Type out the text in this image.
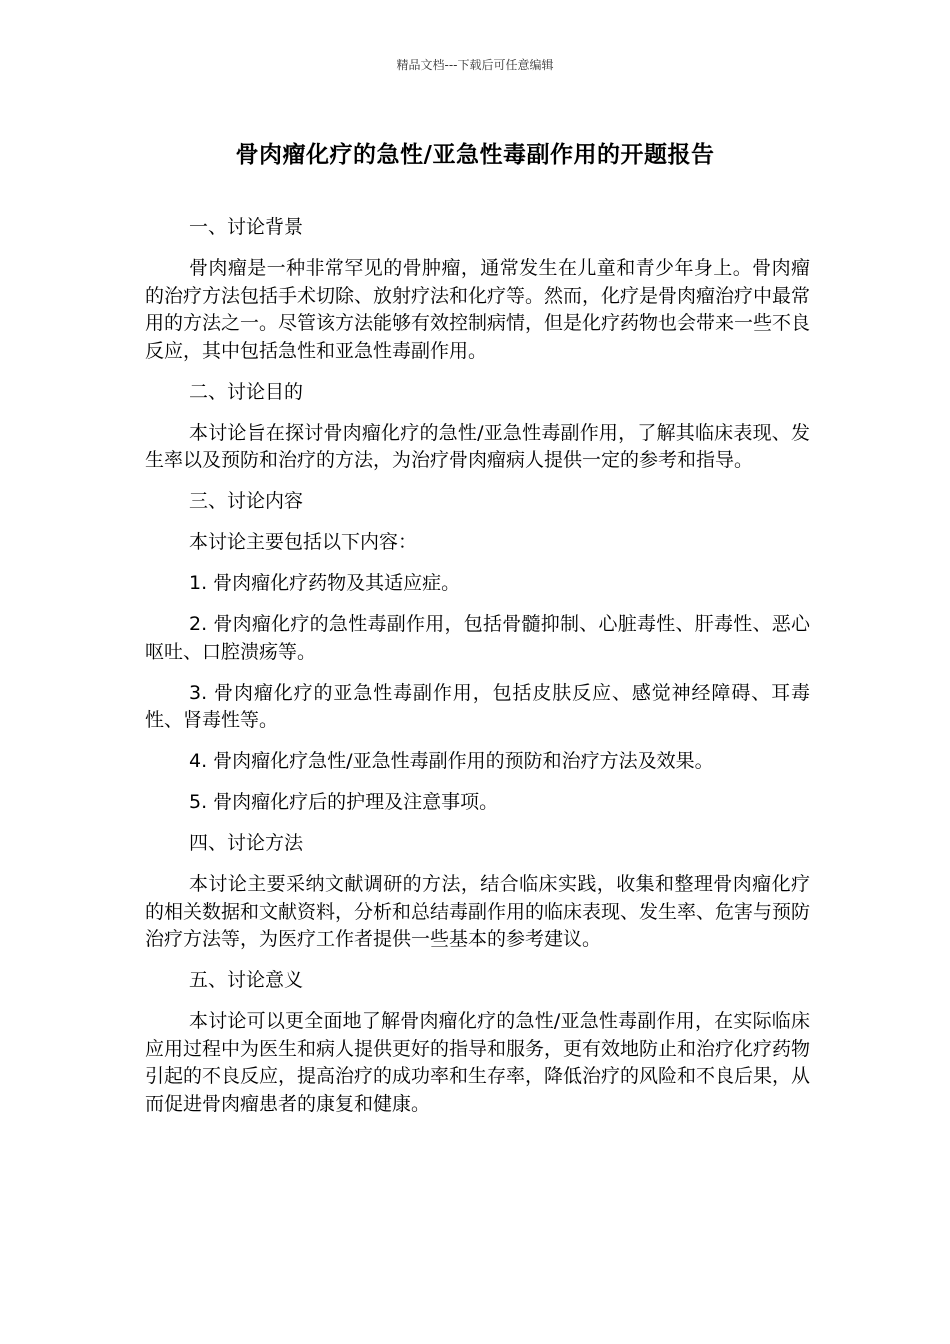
精品文档---下载后可任意编辑
骨肉瘤化疗的急性/亚急性毒副作用的开题报告

一、讨论背景

骨肉瘤是一种非常罕见的骨肿瘤，通常发生在儿童和青少年身上。骨肉瘤的治疗方法包括手术切除、放射疗法和化疗等。然而，化疗是骨肉瘤治疗中最常用的方法之一。尽管该方法能够有效控制病情，但是化疗药物也会带来一些不良反应，其中包括急性和亚急性毒副作用。

二、讨论目的

本讨论旨在探讨骨肉瘤化疗的急性/亚急性毒副作用，了解其临床表现、发生率以及预防和治疗的方法，为治疗骨肉瘤病人提供一定的参考和指导。

三、讨论内容

本讨论主要包括以下内容：

1. 骨肉瘤化疗药物及其适应症。

2. 骨肉瘤化疗的急性毒副作用，包括骨髓抑制、心脏毒性、肝毒性、恶心呕吐、口腔溃疡等。

3. 骨肉瘤化疗的亚急性毒副作用，包括皮肤反应、感觉神经障碍、耳毒性、肾毒性等。

4. 骨肉瘤化疗急性/亚急性毒副作用的预防和治疗方法及效果。

5. 骨肉瘤化疗后的护理及注意事项。

四、讨论方法

本讨论主要采纳文献调研的方法，结合临床实践，收集和整理骨肉瘤化疗的相关数据和文献资料，分析和总结毒副作用的临床表现、发生率、危害与预防治疗方法等，为医疗工作者提供一些基本的参考建议。

五、讨论意义

本讨论可以更全面地了解骨肉瘤化疗的急性/亚急性毒副作用，在实际临床应用过程中为医生和病人提供更好的指导和服务，更有效地防止和治疗化疗药物引起的不良反应，提高治疗的成功率和生存率，降低治疗的风险和不良后果，从而促进骨肉瘤患者的康复和健康。
